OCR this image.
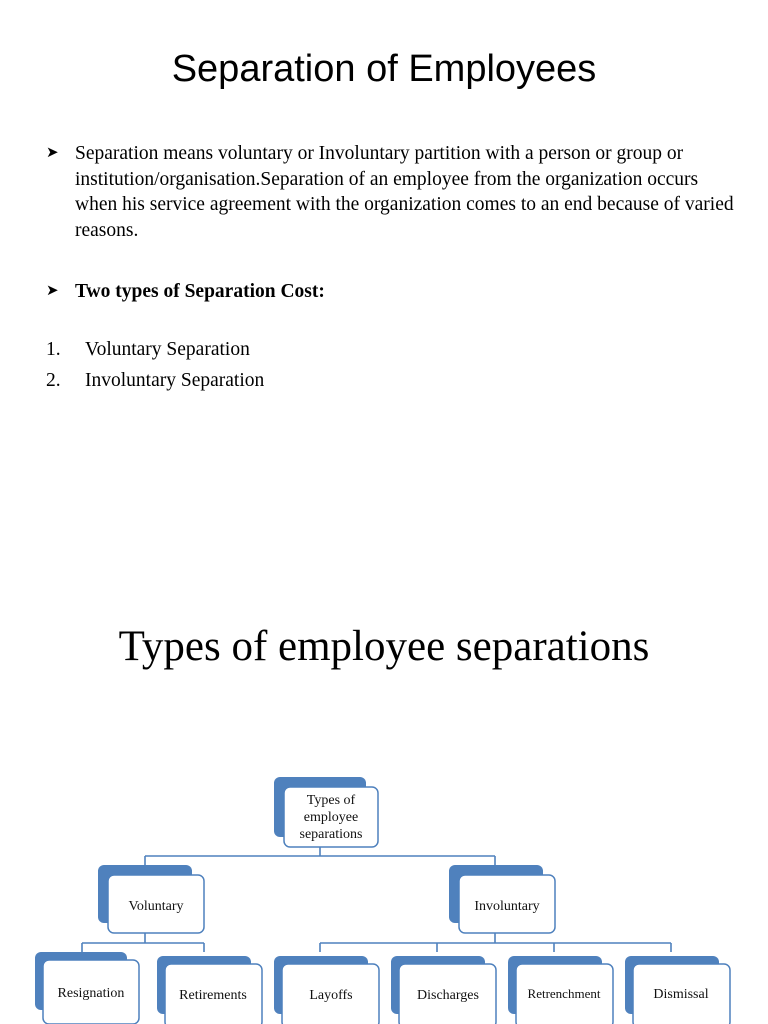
Separation of Employees
➤ Separation means voluntary or Involuntary partition with a person or group or institution/organisation.Separation of an employee from the organization occurs when his service agreement with the organization comes to an end because of varied reasons.
➤ Two types of Separation Cost:
1. Voluntary Separation
2. Involuntary Separation
Types of employee separations
Types of
employee
separations
Voluntary	Involuntary
Resignation	Retirements	Layoffs	Discharges	Retrenchment	Dismissal
